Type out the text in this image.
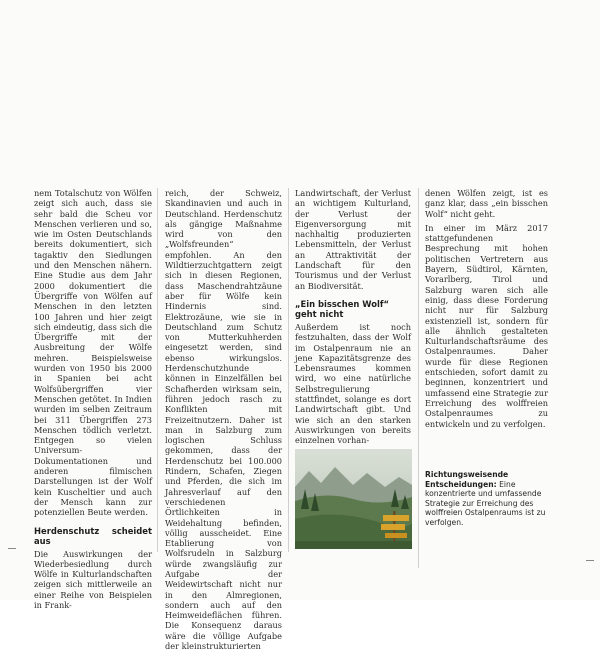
nem Totalschutz von Wölfen zeigt sich auch, dass sie sehr bald die Scheu vor Menschen verlieren und so, wie im Osten Deutschlands bereits dokumentiert, sich tagaktiv den Siedlungen und den Menschen nähern. Eine Studie aus dem Jahr 2000 dokumentiert die Übergriffe von Wölfen auf Menschen in den letzten 100 Jahren und hier zeigt sich eindeutig, dass sich die Übergriffe mit der Ausbreitung der Wölfe mehren. Beispielsweise wurden von 1950 bis 2000 in Spanien bei acht Wolfsübergriffen vier Menschen getötet. In Indien wurden im selben Zeitraum bei 311 Übergriffen 273 Menschen tödlich verletzt. Entgegen so vielen Universum-Dokumentationen und anderen filmischen Darstellungen ist der Wolf kein Kuscheltier und auch der Mensch kann zur potenziellen Beute werden.

Herdenschutz scheidet aus

Die Auswirkungen der Wiederbesiedlung durch Wölfe in Kulturlandschaften zeigen sich mittlerweile an einer Reihe von Beispielen in Frank-

reich, der Schweiz, Skandinavien und auch in Deutschland. Herdenschutz als gängige Maßnahme wird von den „Wolfsfreunden“ empfohlen. An den Wildtierzuchtgattern zeigt sich in diesen Regionen, dass Maschendrahtzäune aber für Wölfe kein Hindernis sind. Elektrozäune, wie sie in Deutschland zum Schutz von Mutterkuhherden eingesetzt werden, sind ebenso wirkungslos. Herdenschutzhunde können in Einzelfällen bei Schafherden wirksam sein, führen jedoch rasch zu Konflikten mit Freizeitnutzern. Daher ist man in Salzburg zum logischen Schluss gekommen, dass der Herdenschutz bei 100.000 Rindern, Schafen, Ziegen und Pferden, die sich im Jahresverlauf auf den verschiedenen Örtlichkeiten in Weidehaltung befinden, völlig ausscheidet. Eine Etablierung von Wolfsrudeln in Salzburg würde zwangsläufig zur Aufgabe der Weidewirtschaft nicht nur in den Almregionen, sondern auch auf den Heimweideflächen führen. Die Konsequenz daraus wäre die völlige Aufgabe der kleinstrukturierten

Landwirtschaft, der Verlust an wichtigem Kulturland, der Verlust der Eigenversorgung mit nachhaltig produzierten Lebensmitteln, der Verlust an Attraktivität der Landschaft für den Tourismus und der Verlust an Biodiversität.

„Ein bisschen Wolf“ geht nicht

Außerdem ist noch festzuhalten, dass der Wolf im Ostalpenraum nie an jene Kapazitätsgrenze des Lebensraumes kommen wird, wo eine natürliche Selbstregulierung stattfindet, solange es dort Landwirtschaft gibt. Und wie sich an den starken Auswirkungen von bereits einzelnen vorhan-

denen Wölfen zeigt, ist es ganz klar, dass „ein bisschen Wolf“ nicht geht.

In einer im März 2017 stattgefundenen Besprechung mit hohen politischen Vertretern aus Bayern, Südtirol, Kärnten, Vorarlberg, Tirol und Salzburg waren sich alle einig, dass diese Forderung nicht nur für Salzburg existenziell ist, sondern für alle ähnlich gestalteten Kulturlandschaftsräume des Ostalpenraumes. Daher wurde für diese Regionen entschieden, sofort damit zu beginnen, konzentriert und umfassend eine Strategie zur Erreichung des wolffreien Ostalpenraumes zu entwickeln und zu verfolgen.

Richtungsweisende Entscheidungen: Eine konzentrierte und umfassende Strategie zur Erreichung des wolffreien Ostalpenraums ist zu verfolgen.
